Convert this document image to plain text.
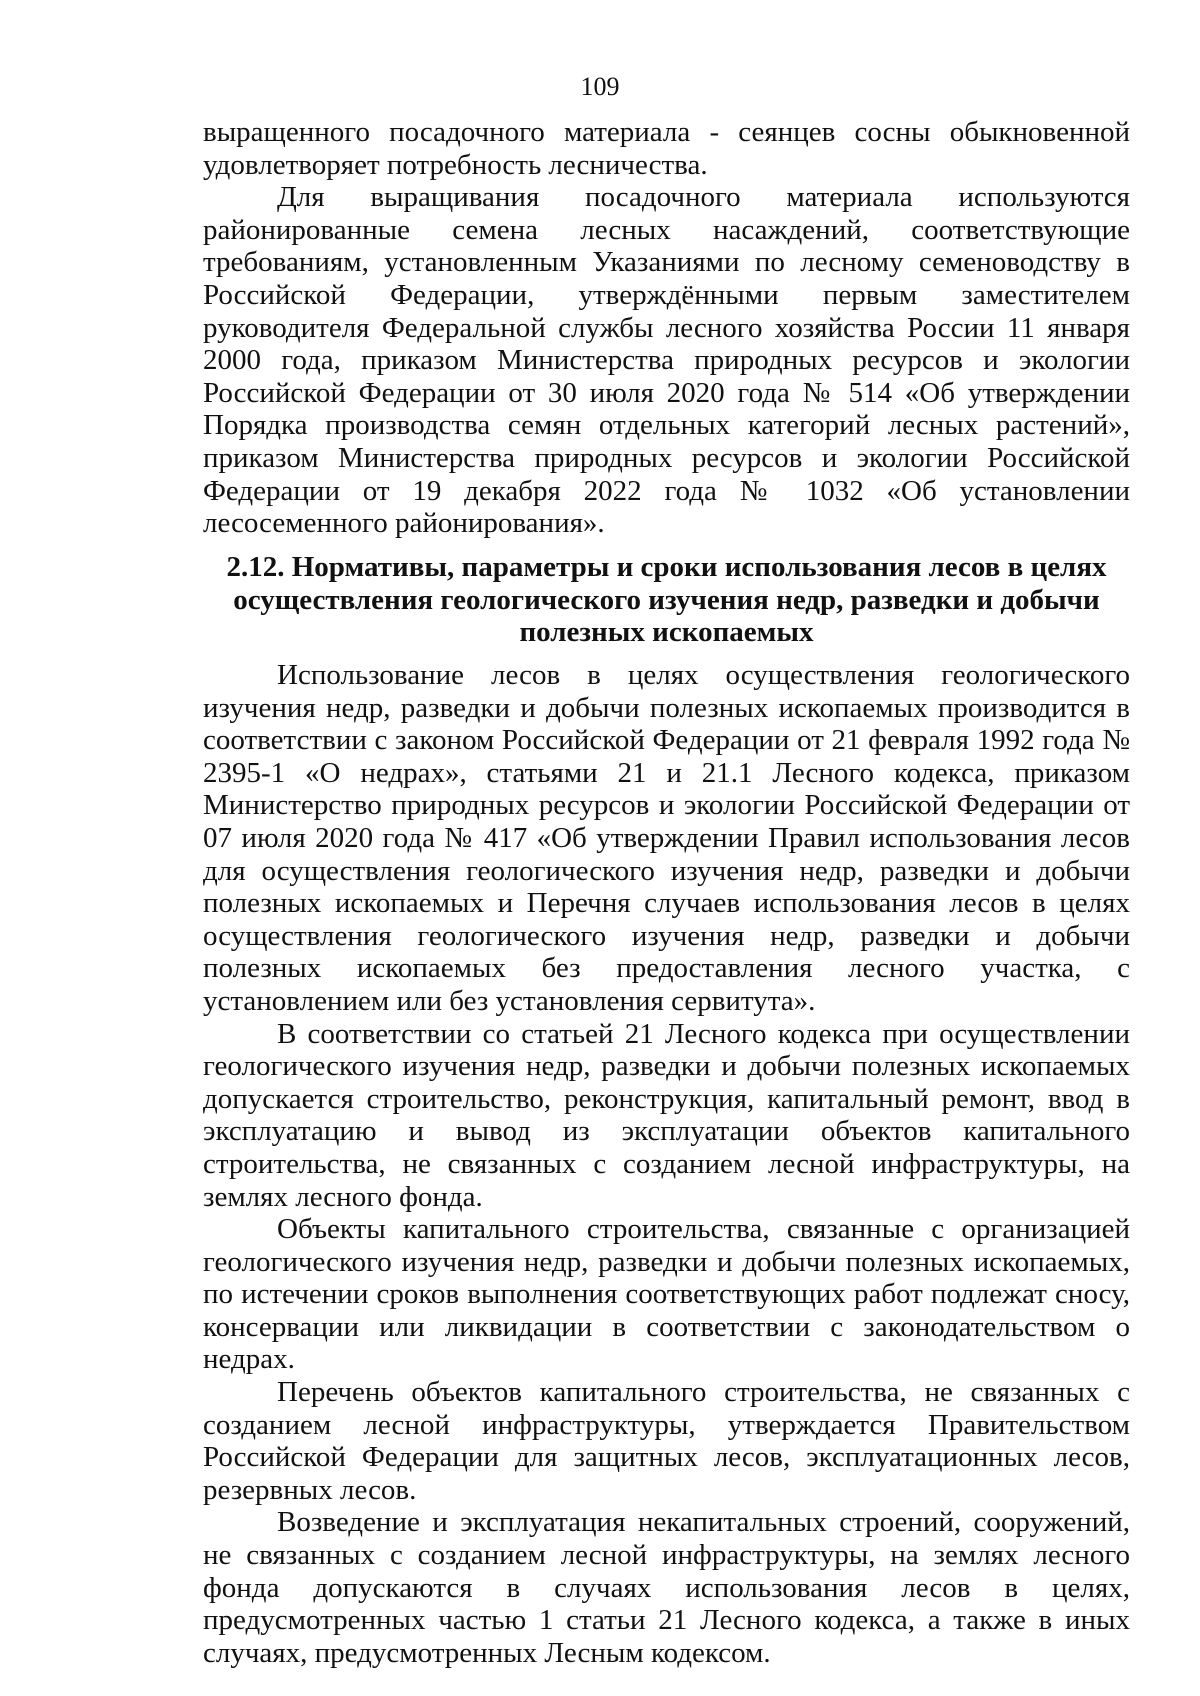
109

выращенного посадочного материала - сеянцев сосны обыкновенной удовлетворяет потребность лесничества.

Для выращивания посадочного материала используются районированные семена лесных насаждений, соответствующие требованиям, установленным Указаниями по лесному семеноводству в Российской Федерации, утверждёнными первым заместителем руководителя Федеральной службы лесного хозяйства России 11 января 2000 года, приказом Министерства природных ресурсов и экологии Российской Федерации от 30 июля 2020 года № 514 «Об утверждении Порядка производства семян отдельных категорий лесных растений», приказом Министерства природных ресурсов и экологии Российской Федерации от 19 декабря 2022 года № 1032 «Об установлении лесосеменного районирования».

2.12. Нормативы, параметры и сроки использования лесов в целях осуществления геологического изучения недр, разведки и добычи полезных ископаемых

Использование лесов в целях осуществления геологического изучения недр, разведки и добычи полезных ископаемых производится в соответствии с законом Российской Федерации от 21 февраля 1992 года № 2395-1 «О недрах», статьями 21 и 21.1 Лесного кодекса, приказом Министерство природных ресурсов и экологии Российской Федерации от 07 июля 2020 года № 417 «Об утверждении Правил использования лесов для осуществления геологического изучения недр, разведки и добычи полезных ископаемых и Перечня случаев использования лесов в целях осуществления геологического изучения недр, разведки и добычи полезных ископаемых без предоставления лесного участка, с установлением или без установления сервитута».

В соответствии со статьей 21 Лесного кодекса при осуществлении геологического изучения недр, разведки и добычи полезных ископаемых допускается строительство, реконструкция, капитальный ремонт, ввод в эксплуатацию и вывод из эксплуатации объектов капитального строительства, не связанных с созданием лесной инфраструктуры, на землях лесного фонда.

Объекты капитального строительства, связанные с организацией геологического изучения недр, разведки и добычи полезных ископаемых, по истечении сроков выполнения соответствующих работ подлежат сносу, консервации или ликвидации в соответствии с законодательством о недрах.

Перечень объектов капитального строительства, не связанных с созданием лесной инфраструктуры, утверждается Правительством Российской Федерации для защитных лесов, эксплуатационных лесов, резервных лесов.

Возведение и эксплуатация некапитальных строений, сооружений, не связанных с созданием лесной инфраструктуры, на землях лесного фонда допускаются в случаях использования лесов в целях, предусмотренных частью 1 статьи 21 Лесного кодекса, а также в иных случаях, предусмотренных Лесным кодексом.
